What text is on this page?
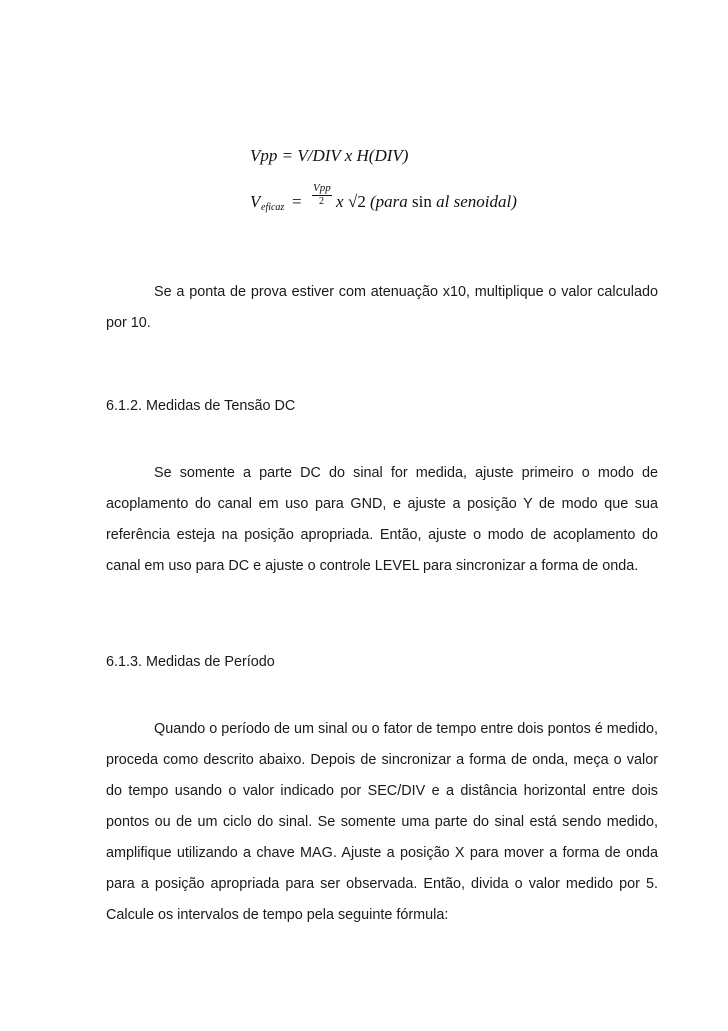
Vpp = V/DIV x H(DIV)
V eficaz =
Vpp
2 x √2 (para sin al senoidal)
Se a ponta de prova estiver com atenuação x10, multiplique o valor calculado por 10.
6.1.2. Medidas de Tensão DC
Se somente a parte DC do sinal for medida, ajuste primeiro o modo de acoplamento do canal em uso para GND, e ajuste a posição Y de modo que sua referência esteja na posição apropriada. Então, ajuste o modo de acoplamento do canal em uso para DC e ajuste o controle LEVEL para sincronizar a forma de onda.
6.1.3. Medidas de Período
Quando o período de um sinal ou o fator de tempo entre dois pontos é medido, proceda como descrito abaixo. Depois de sincronizar a forma de onda, meça o valor do tempo usando o valor indicado por SEC/DIV e a distância horizontal entre dois pontos ou de um ciclo do sinal. Se somente uma parte do sinal está sendo medido, amplifique utilizando a chave MAG. Ajuste a posição X para mover a forma de onda para a posição apropriada para ser observada. Então, divida o valor medido por 5. Calcule os intervalos de tempo pela seguinte fórmula:
